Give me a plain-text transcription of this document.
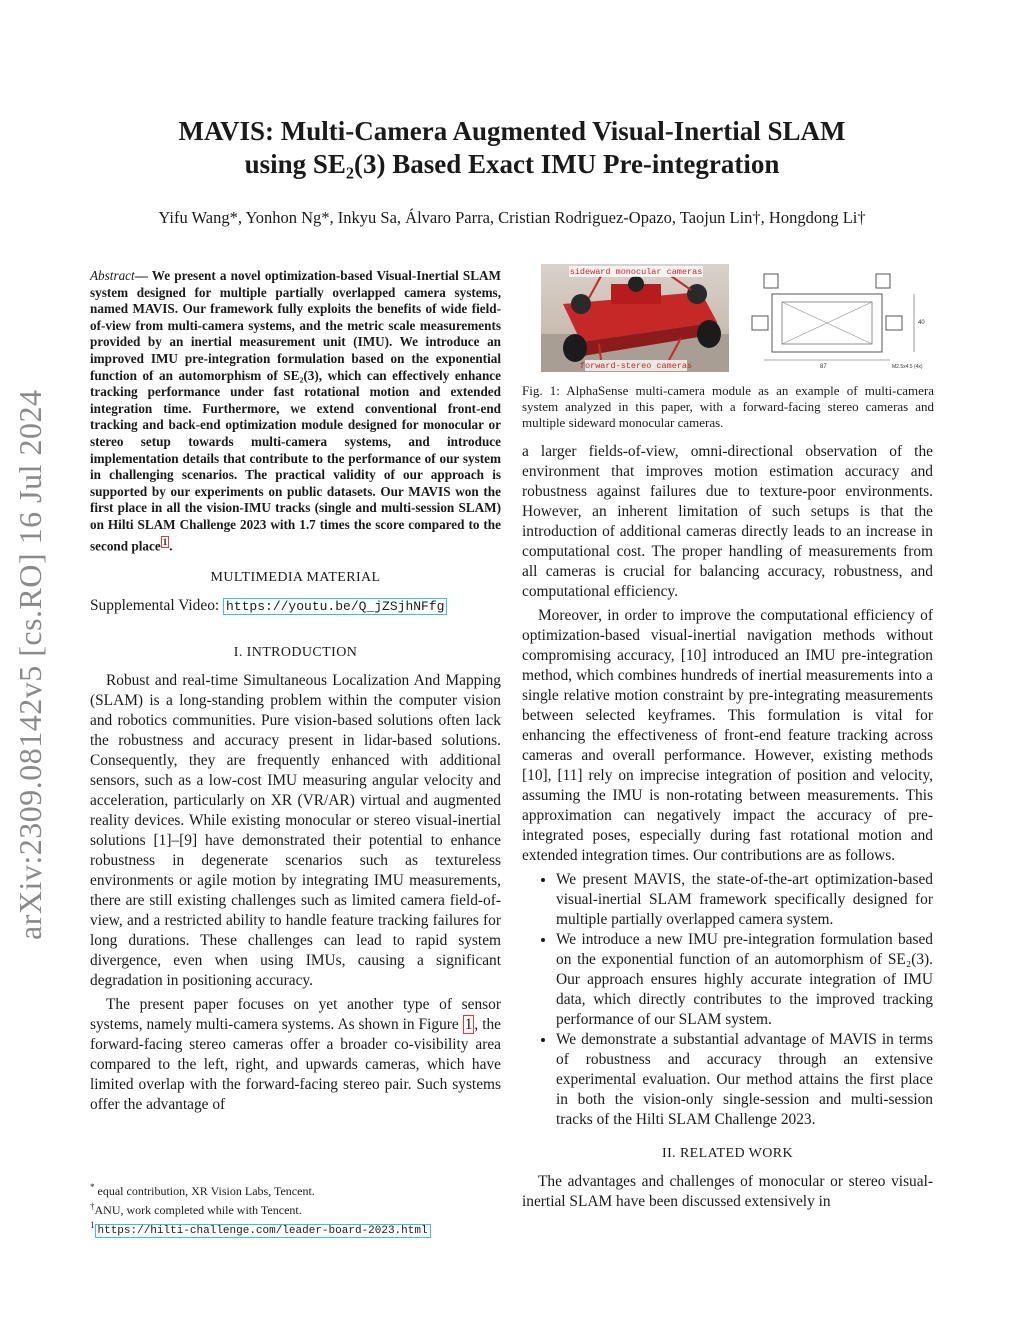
arXiv:2309.08142v5 [cs.RO] 16 Jul 2024
MAVIS: Multi-Camera Augmented Visual-Inertial SLAM
using SE₂(3) Based Exact IMU Pre-integration
Yifu Wang*, Yonhon Ng*, Inkyu Sa, Álvaro Parra, Cristian Rodriguez-Opazo, Taojun Lin†, Hongdong Li†
Abstract— We present a novel optimization-based Visual-Inertial SLAM system designed for multiple partially overlapped camera systems, named MAVIS. Our framework fully exploits the benefits of wide field-of-view from multi-camera systems, and the metric scale measurements provided by an inertial measurement unit (IMU). We introduce an improved IMU pre-integration formulation based on the exponential function of an automorphism of SE₂(3), which can effectively enhance tracking performance under fast rotational motion and extended integration time. Furthermore, we extend conventional front-end tracking and back-end optimization module designed for monocular or stereo setup towards multi-camera systems, and introduce implementation details that contribute to the performance of our system in challenging scenarios. The practical validity of our approach is supported by our experiments on public datasets. Our MAVIS won the first place in all the vision-IMU tracks (single and multi-session SLAM) on Hilti SLAM Challenge 2023 with 1.7 times the score compared to the second place $^1$ .
MULTIMEDIA MATERIAL
Supplemental Video: https://youtu.be/Q_jZSjhNFfg
I. INTRODUCTION

Robust and real-time Simultaneous Localization And Mapping (SLAM) is a long-standing problem within the computer vision and robotics communities. Pure vision-based solutions often lack the robustness and accuracy present in lidar-based solutions. Consequently, they are frequently enhanced with additional sensors, such as a low-cost IMU measuring angular velocity and acceleration, particularly on XR (VR/AR) virtual and augmented reality devices. While existing monocular or stereo visual-inertial solutions [1]–[9] have demonstrated their potential to enhance robustness in degenerate scenarios such as textureless environments or agile motion by integrating IMU measurements, there are still existing challenges such as limited camera field-of-view, and a restricted ability to handle feature tracking failures for long durations. These challenges can lead to rapid system divergence, even when using IMUs, causing a significant degradation in positioning accuracy.

The present paper focuses on yet another type of sensor systems, namely multi-camera systems. As shown in Figure 1 , the forward-facing stereo cameras offer a broader co-visibility area compared to the left, right, and upwards cameras, which have limited overlap with the forward-facing stereo pair. Such systems offer the advantage of

sideward monocular cameras
forward-stereo cameras	87	M2.5x4.5 (4x)
40
Fig. 1: AlphaSense multi-camera module as an example of multi-camera system analyzed in this paper, with a forward-facing stereo cameras and multiple sideward monocular cameras.

a larger fields-of-view, omni-directional observation of the environment that improves motion estimation accuracy and robustness against failures due to texture-poor environments. However, an inherent limitation of such setups is that the introduction of additional cameras directly leads to an increase in computational cost. The proper handling of measurements from all cameras is crucial for balancing accuracy, robustness, and computational efficiency.

Moreover, in order to improve the computational efficiency of optimization-based visual-inertial navigation methods without compromising accuracy, [10] introduced an IMU pre-integration method, which combines hundreds of inertial measurements into a single relative motion constraint by pre-integrating measurements between selected keyframes. This formulation is vital for enhancing the effectiveness of front-end feature tracking across cameras and overall performance. However, existing methods [10], [11] rely on imprecise integration of position and velocity, assuming the IMU is non-rotating between measurements. This approximation can negatively impact the accuracy of pre-integrated poses, especially during fast rotational motion and extended integration times. Our contributions are as follows.

• We present MAVIS, the state-of-the-art optimization-based visual-inertial SLAM framework specifically designed for multiple partially overlapped camera system.
• We introduce a new IMU pre-integration formulation based on the exponential function of an automorphism of SE₂(3). Our approach ensures highly accurate integration of IMU data, which directly contributes to the improved tracking performance of our SLAM system.
• We demonstrate a substantial advantage of MAVIS in terms of robustness and accuracy through an extensive experimental evaluation. Our method attains the first place in both the vision-only single-session and multi-session tracks of the Hilti SLAM Challenge 2023.
II. RELATED WORK

The advantages and challenges of monocular or stereo visual-inertial SLAM have been discussed extensively in

* equal contribution, XR Vision Labs, Tencent.
†ANU, work completed while with Tencent.
$^1$ https://hilti-challenge.com/leader-board-2023.html
